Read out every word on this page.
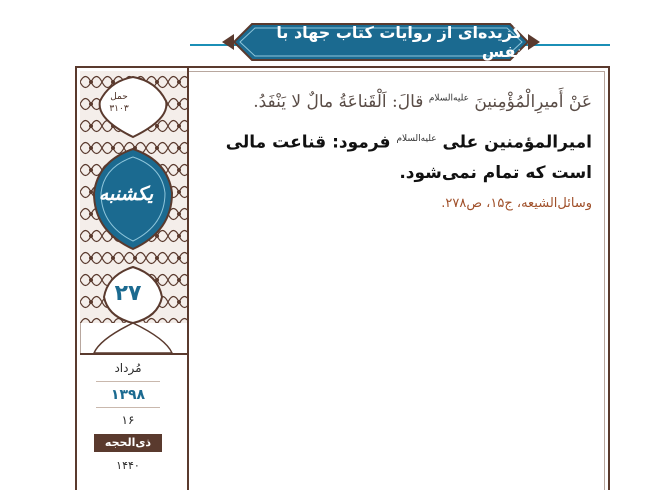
گزیده‌ای از روایات کتاب جهاد با نفس
حمل
۳۱۰۳
یکشنبه
۲۷
مُرداد
۱۳۹۸
۱۶
ذی‌الحجه
۱۴۴۰
عَنْ أَمیرِالْمُؤْمِنینَ $^{علیه‌السلام}$ قالَ: اَلْقَناعَةُ مالٌ لا یَنْفَدُ.
امیرالمؤمنین علی $^{علیه‌السلام}$ فرمود: قناعت مالی است که تمام نمی‌شود.
وسائل‌الشیعه، ج۱۵، ص۲۷۸.
